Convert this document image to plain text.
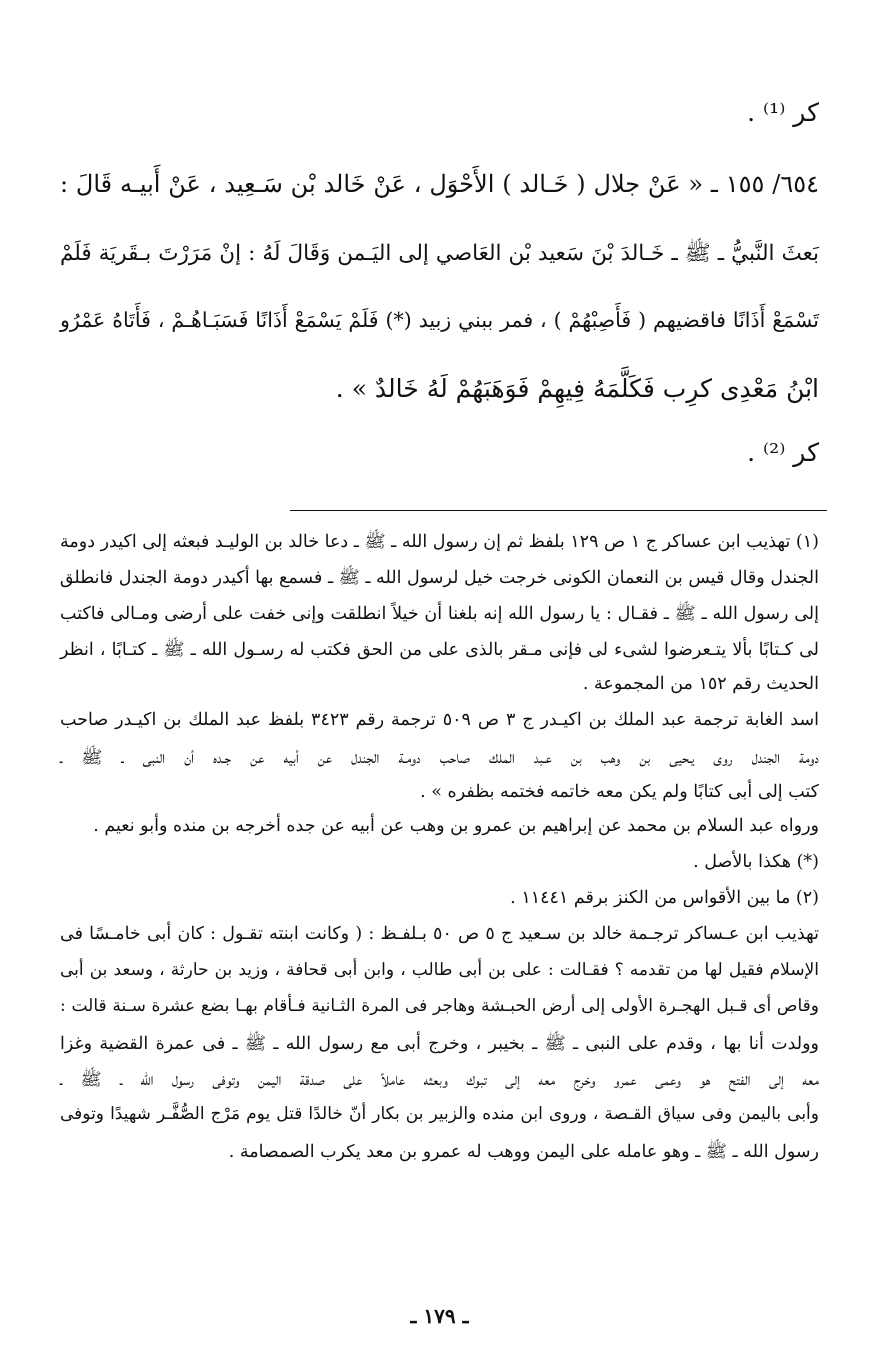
كر ⁽¹⁾ .
٦٥٤/ ١٥٥ ـ « عَنْ جلال ( خَـالد ) الأَحْوَل ، عَنْ خَالد بْن سَـعِيد ، عَنْ أَبيـه قَالَ :
بَعثَ النَّبيُّ ـ ﷺ ـ خَـالدَ بْنَ سَعيد بْن العَاصي إلى اليَـمن وَقَالَ لَهُ : إنْ مَرَرْتَ بـقَريَة فَلَمْ
تَسْمَعْ أَذَانًا فاقضيهم ( فَأَصِبْهُمْ ) ، فمر ببني زبيد (*) فَلَمْ يَسْمَعْ أَذَانًا فَسَبَـاهُـمْ ، فَأَتَاهُ عَمْرُو
ابْنُ مَعْدِى كرِب فَكَلَّمَهُ فِيهِمْ فَوَهَبَهُمْ لَهُ خَالدٌ » .
كر ⁽²⁾ .
(١) تهذيب ابن عساكر ج ١ ص ١٢٩ بلفظ ثم إن رسول الله ـ ﷺ ـ دعا خالد بن الوليـد فبعثه إلى اكيدر دومة
الجندل وقال قيس بن النعمان الكونى خرجت خيل لرسول الله ـ ﷺ ـ فسمع بها أكيدر دومة الجندل فانطلق
إلى رسول الله ـ ﷺ ـ فقـال : يا رسول الله إنه بلغنا أن خيلاً انطلقت وإنى خفت على أرضى ومـالى فاكتب
لى كـتابًا بألا يتـعرضوا لشىء لى فإنى مـقر بالذى على من الحق فكتب له رسـول الله ـ ﷺ ـ كتـابًا ، انظر
الحديث رقم ١٥٢ من المجموعة .
اسد الغابة ترجمة عبد الملك بن اكيـدر ج ٣ ص ٥٠٩ ترجمة رقم ٣٤٢٣ بلفظ عبد الملك بن اكيـدر صاحب
دومة الجندل روى يـحيى بن وهب بن عـبد الملك صاحب دومـة الجندل عن أبيه عن جـده أن النبى ـ ﷺ ـ
كتب إلى أبى كتابًا ولم يكن معه خاتمه فختمه بظفره » .
ورواه عبد السلام بن محمد عن إبراهيم بن عمرو بن وهب عن أبيه عن جده أخرجه بن منده وأبو نعيم .
(*) هكذا بالأصل .
(٢) ما بين الأقواس من الكنز برقم ١١٤٤١ .
تهذيب ابن عـساكر ترجـمة خالد بن سـعيد ج ٥ ص ٥٠ بـلفـظ : ( وكانت ابنته تقـول : كان أبى خامـسًا فى
الإسلام فقيل لها من تقدمه ؟ فقـالت : على بن أبى طالب ، وابن أبى قحافة ، وزيد بن حارثة ، وسعد بن أبى
وقاص أى قـبل الهجـرة الأولى إلى أرض الحبـشة وهاجر فى المرة الثـانية فـأقام بهـا بضع عشرة سـنة قالت :
وولدت أنا بها ، وقدم على النبى ـ ﷺ ـ بخيبر ، وخرج أبى مع رسول الله ـ ﷺ ـ فى عمرة القضية وغزا
معه إلى الفتح هو وعمى عمرو وخرج معه إلى تبوك وبعثه عاملاً على صدقة اليمن وتوفى رسول الله ـ ﷺ ـ
وأبى باليمن وفى سياق القـصة ، وروى ابن منده والزبير بن بكار أنّ خالدًا قتل يوم مَرْج الصُّفَّـر شهيدًا وتوفى
رسول الله ـ ﷺ ـ وهو عامله على اليمن ووهب له عمرو بن معد يكرب الصمصامة .
ـ ١٧٩ ـ
